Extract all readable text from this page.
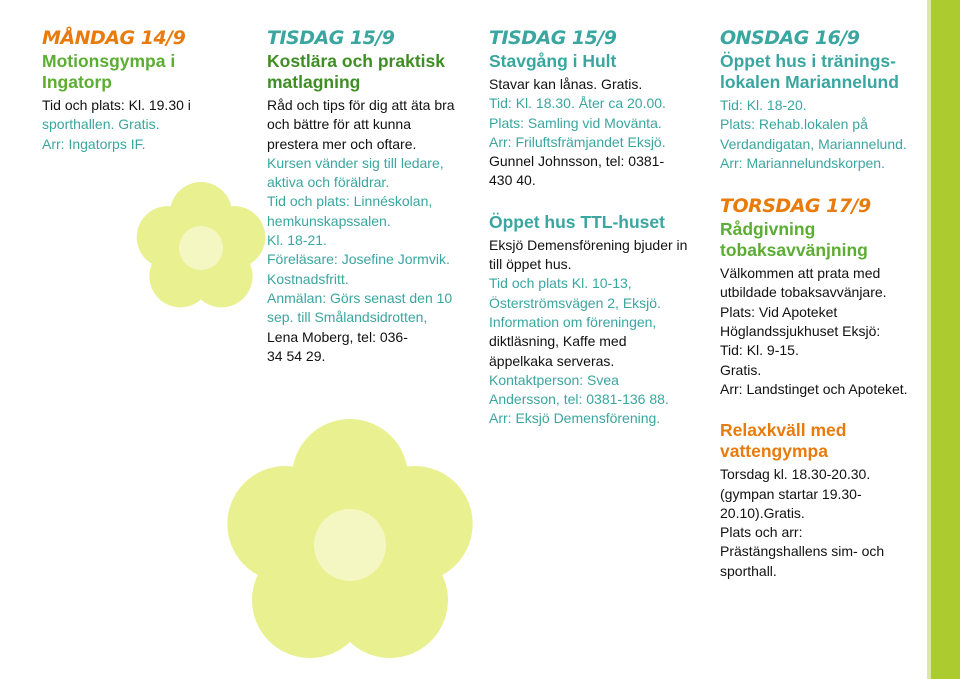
MÅNDAG 14/9
Motionsgympa i Ingatorp
Tid och plats: Kl. 19.30 i
sporthallen. Gratis.
Arr: Ingatorps IF.
TISDAG 15/9
Kostlära och praktisk matlagning
Råd och tips för dig att äta bra
och bättre för att kunna
prestera mer och oftare.
Kursen vänder sig till ledare,
aktiva och föräldrar.
Tid och plats: Linnéskolan,
hemkunskapssalen.
Kl. 18-21.
Föreläsare: Josefine Jormvik.
Kostnadsfritt.
Anmälan: Görs senast den 10
sep. till Smålandsidrotten,
Lena Moberg, tel: 036-
34 54 29.
TISDAG 15/9
Stavgång i Hult
Stavar kan lånas. Gratis.
Tid: Kl. 18.30. Åter ca 20.00.
Plats: Samling vid Movänta.
Arr: Friluftsfrämjandet Eksjö.
Gunnel Johnsson, tel: 0381-
430 40.
Öppet hus TTL-huset
Eksjö Demensförening bjuder in
till öppet hus.
Tid och plats Kl. 10-13,
Österströmsvägen 2, Eksjö.
Information om föreningen,
diktläsning, Kaffe med
äppelkaka serveras.
Kontaktperson: Svea
Andersson, tel: 0381-136 88.
Arr: Eksjö Demensförening.
ONSDAG 16/9
Öppet hus i tränings-lokalen Mariannelund
Tid: Kl. 18-20.
Plats: Rehab.lokalen på
Verdandigatan, Mariannelund.
Arr: Mariannelundskorpen.
TORSDAG 17/9
Rådgivning tobaksavvänjning
Välkommen att prata med
utbildade tobaksavvänjare.
Plats: Vid Apoteket
Höglandssjukhuset Eksjö:
Tid: Kl. 9-15.
Gratis.
Arr: Landstinget och Apoteket.
Relaxkväll med vattengympa
Torsdag kl. 18.30-20.30.
(gympan startar 19.30-
20.10).Gratis.
Plats och arr:
Prästängshallens sim- och
sporthall.
